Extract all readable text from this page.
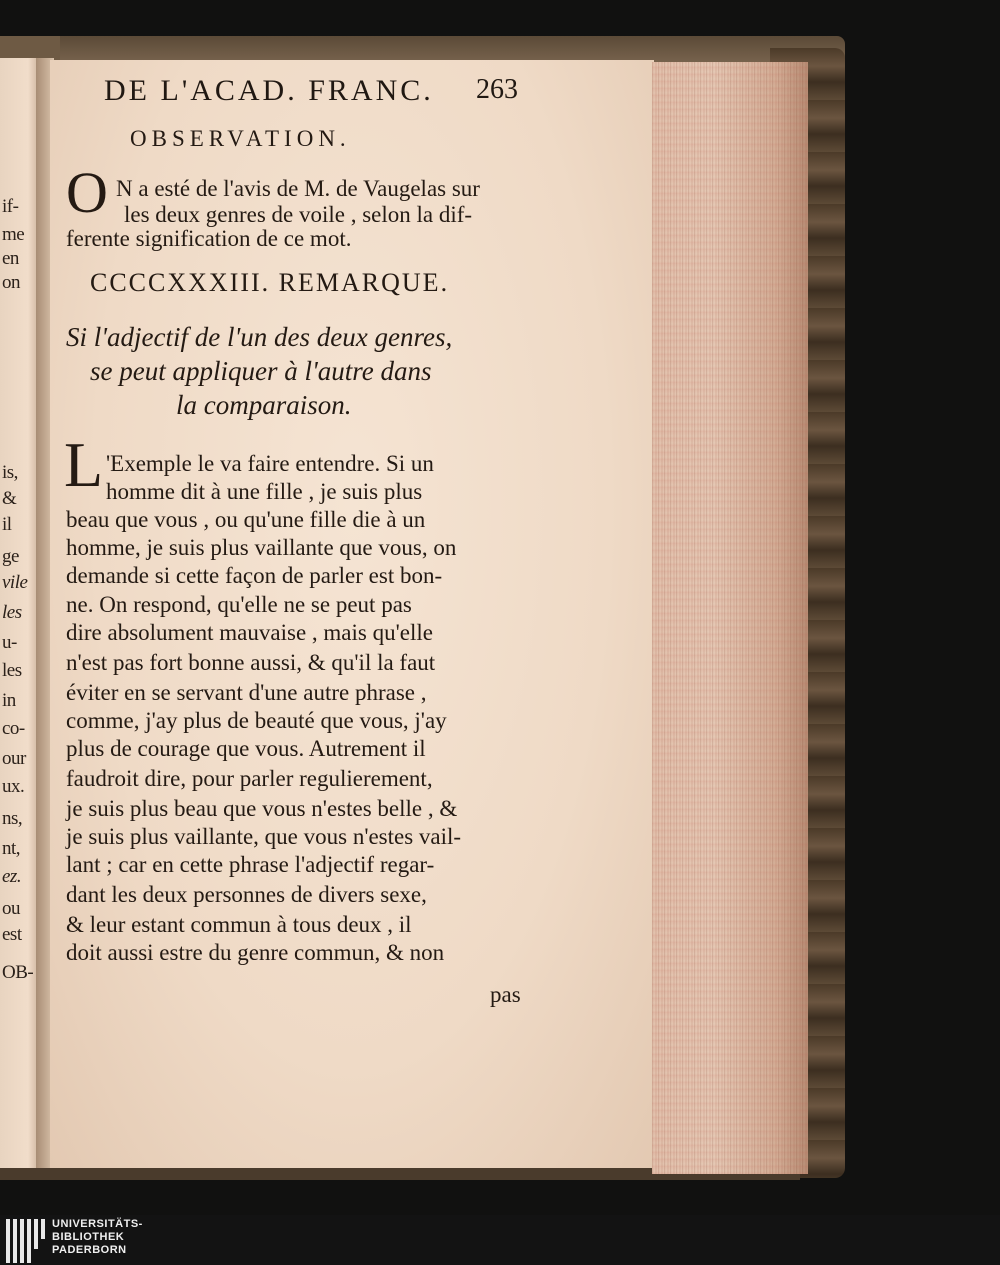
if-
me
en
on
is,
&
il
ge
vile
les
u-
les
in
co-
our
ux.
ns,
nt,
ez.
ou
est
OB-
DE L'ACAD. FRANC. 263
OBSERVATION.
O N a esté de l'avis de M. de Vaugelas sur
les deux genres de voile , selon la dif-
ferente signification de ce mot.
CCCCXXXIII. REMARQUE.
Si l'adjectif de l'un des deux genres,
se peut appliquer à l'autre dans
la comparaison.
L 'Exemple le va faire entendre. Si un
homme dit à une fille , je suis plus
beau que vous , ou qu'une fille die à un
homme, je suis plus vaillante que vous, on
demande si cette façon de parler est bon-
ne. On respond, qu'elle ne se peut pas
dire absolument mauvaise , mais qu'elle
n'est pas fort bonne aussi, & qu'il la faut
éviter en se servant d'une autre phrase ,
comme, j'ay plus de beauté que vous, j'ay
plus de courage que vous. Autrement il
faudroit dire, pour parler regulierement,
je suis plus beau que vous n'estes belle , &
je suis plus vaillante, que vous n'estes vail-
lant ; car en cette phrase l'adjectif regar-
dant les deux personnes de divers sexe,
& leur estant commun à tous deux , il
doit aussi estre du genre commun, & non
pas
UNIVERSITÄTS-
BIBLIOTHEK
PADERBORN
